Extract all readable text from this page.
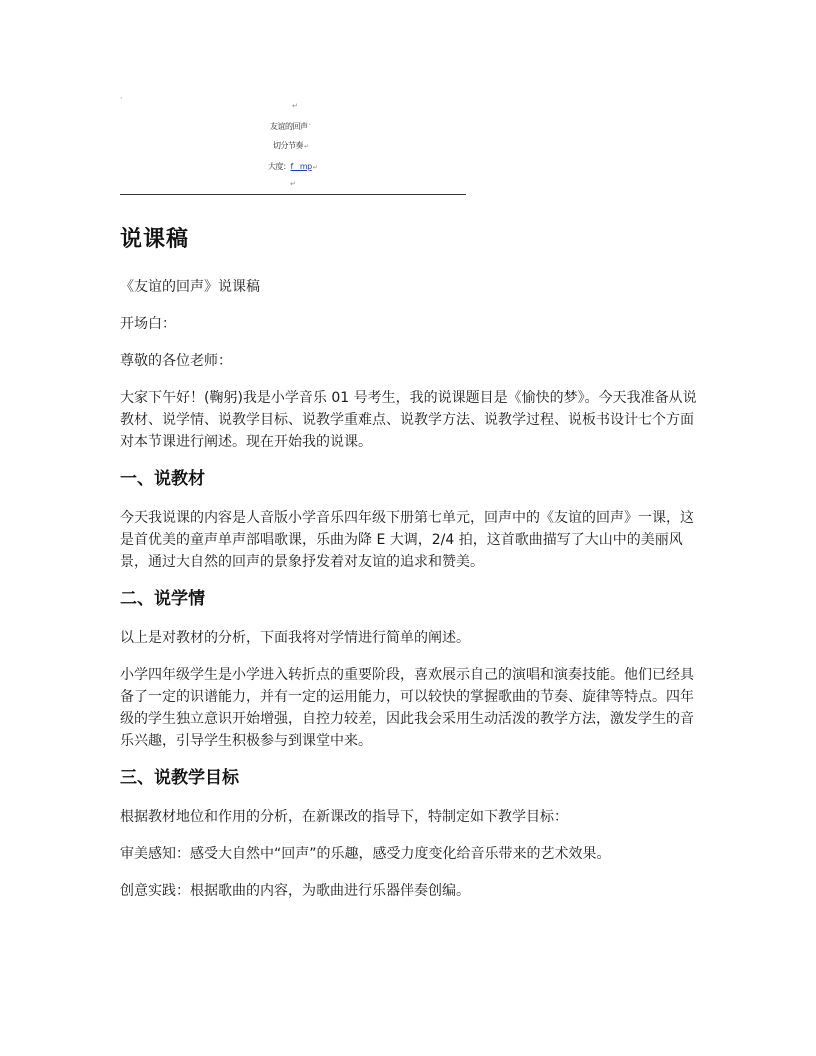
ˎ
↵
友谊的回声ˋ
切分节奏↵
大度：f__mp↵
↵
说课稿

《友谊的回声》说课稿

开场白：

尊敬的各位老师：

大家下午好！(鞠躬)我是小学音乐 01 号考生，我的说课题目是《愉快的梦》。今天我准备从说教材、说学情、说教学目标、说教学重难点、说教学方法、说教学过程、说板书设计七个方面对本节课进行阐述。现在开始我的说课。

一、说教材

今天我说课的内容是人音版小学音乐四年级下册第七单元，回声中的《友谊的回声》一课，这是首优美的童声单声部唱歌课，乐曲为降 E 大调，2/4 拍，这首歌曲描写了大山中的美丽风景，通过大自然的回声的景象抒发着对友谊的追求和赞美。

二、说学情

以上是对教材的分析，下面我将对学情进行简单的阐述。

小学四年级学生是小学进入转折点的重要阶段，喜欢展示自己的演唱和演奏技能。他们已经具备了一定的识谱能力，并有一定的运用能力，可以较快的掌握歌曲的节奏、旋律等特点。四年级的学生独立意识开始增强，自控力较差，因此我会采用生动活泼的教学方法，激发学生的音乐兴趣，引导学生积极参与到课堂中来。

三、说教学目标

根据教材地位和作用的分析，在新课改的指导下，特制定如下教学目标：

审美感知：感受大自然中“回声”的乐趣，感受力度变化给音乐带来的艺术效果。

创意实践：根据歌曲的内容，为歌曲进行乐器伴奏创编。
